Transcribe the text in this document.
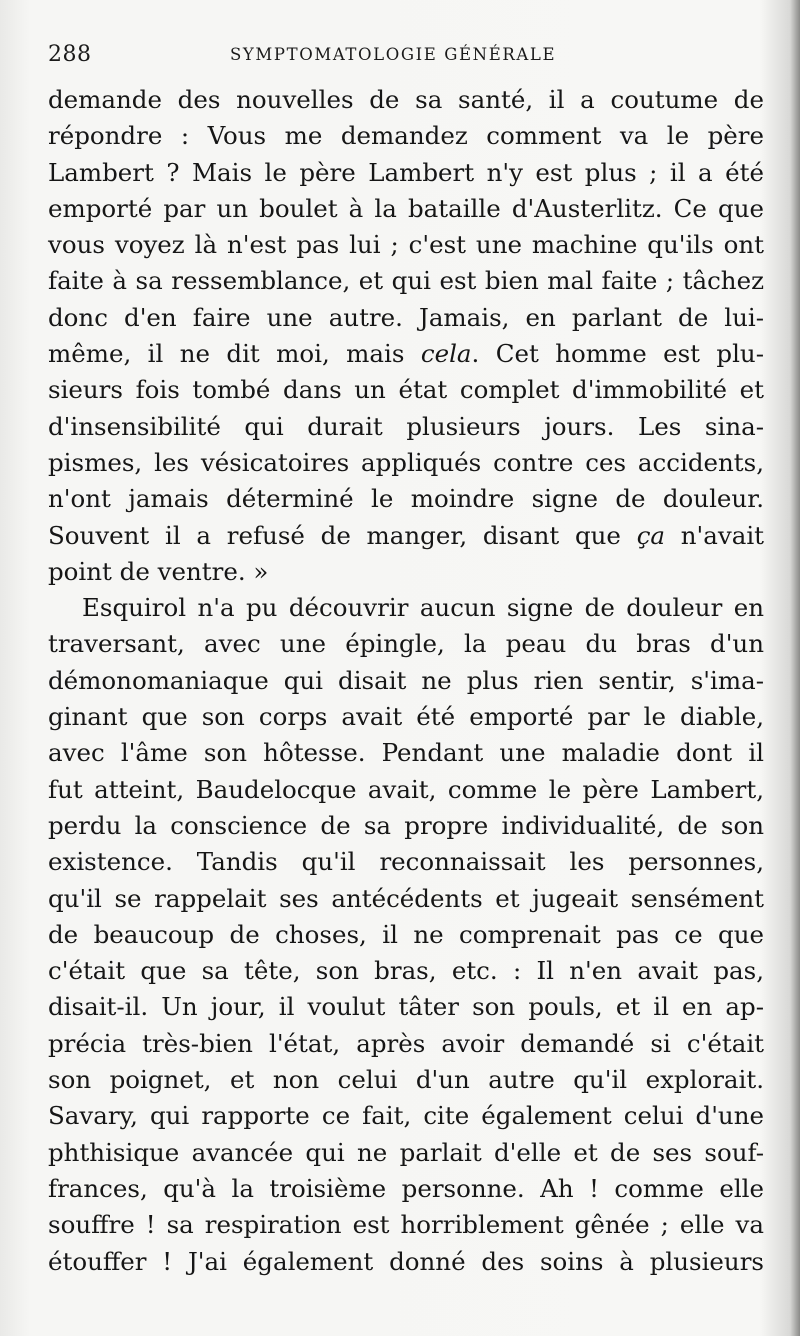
288	SYMPTOMATOLOGIE GÉNÉRALE
demande des nouvelles de sa santé, il a coutume de
répondre : Vous me demandez comment va le père
Lambert ? Mais le père Lambert n'y est plus ; il a été
emporté par un boulet à la bataille d'Austerlitz. Ce que
vous voyez là n'est pas lui ; c'est une machine qu'ils ont
faite à sa ressemblance, et qui est bien mal faite ; tâchez
donc d'en faire une autre. Jamais, en parlant de lui-
même, il ne dit moi, mais cela. Cet homme est plu-
sieurs fois tombé dans un état complet d'immobilité et
d'insensibilité qui durait plusieurs jours. Les sina-
pismes, les vésicatoires appliqués contre ces accidents,
n'ont jamais déterminé le moindre signe de douleur.
Souvent il a refusé de manger, disant que ça n'avait
point de ventre. »
Esquirol n'a pu découvrir aucun signe de douleur en
traversant, avec une épingle, la peau du bras d'un
démonomaniaque qui disait ne plus rien sentir, s'ima-
ginant que son corps avait été emporté par le diable,
avec l'âme son hôtesse. Pendant une maladie dont il
fut atteint, Baudelocque avait, comme le père Lambert,
perdu la conscience de sa propre individualité, de son
existence. Tandis qu'il reconnaissait les personnes,
qu'il se rappelait ses antécédents et jugeait sensément
de beaucoup de choses, il ne comprenait pas ce que
c'était que sa tête, son bras, etc. : Il n'en avait pas,
disait-il. Un jour, il voulut tâter son pouls, et il en ap-
précia très-bien l'état, après avoir demandé si c'était
son poignet, et non celui d'un autre qu'il explorait.
Savary, qui rapporte ce fait, cite également celui d'une
phthisique avancée qui ne parlait d'elle et de ses souf-
frances, qu'à la troisième personne. Ah ! comme elle
souffre ! sa respiration est horriblement gênée ; elle va
étouffer ! J'ai également donné des soins à plusieurs
